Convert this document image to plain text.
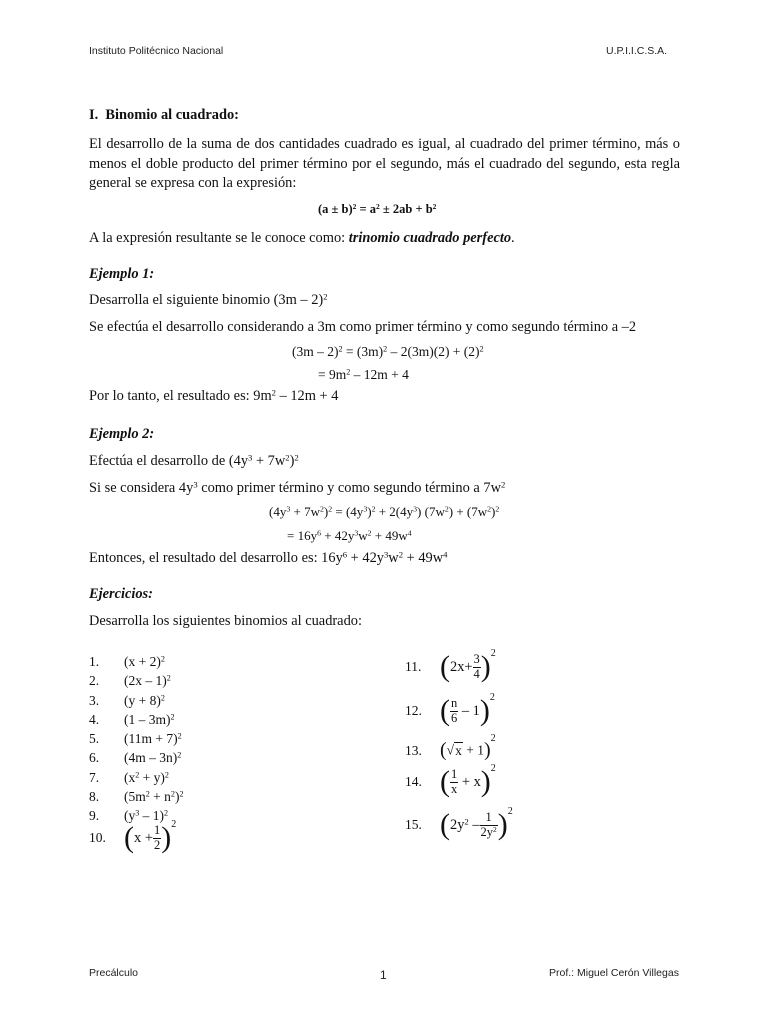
Instituto Politécnico Nacional	U.P.I.I.C.S.A.
I. Binomio al cuadrado:
El desarrollo de la suma de dos cantidades cuadrado es igual, al cuadrado del primer término, más o menos el doble producto del primer término por el segundo, más el cuadrado del segundo, esta regla general se expresa con la expresión:
$(a \pm b)^2 = a^2 \pm 2ab + b^2$
A la expresión resultante se le conoce como: trinomio cuadrado perfecto.
Ejemplo 1:
Desarrolla el siguiente binomio (3m – 2)$^2$
Se efectúa el desarrollo considerando a 3m como primer término y como segundo término a –2
$(3m - 2)^2 = (3m)^2 - 2(3m)(2) + (2)^2$
= $9m^2 - 12m + 4$
Por lo tanto, el resultado es: $9m^2 - 12m + 4$
Ejemplo 2:
Efectúa el desarrollo de $(4y^3 + 7w^2)^2$
Si se considera $4y^3$ como primer término y como segundo término a $7w^2$
$(4y^3 + 7w^2)^2 = (4y^3)^2 + 2(4y^3) (7w^2) + (7w^2)^2$
= $16y^6 + 42y^3w^2 + 49w^4$
Entonces, el resultado del desarrollo es: $16y^6 + 42y^3w^2 + 49w^4$
Ejercicios:
Desarrolla los siguientes binomios al cuadrado:
1. $(x + 2)^2$
2. (2x – 1)$^2$
3. $(y + 8)^2$
4. (1 – 3m)$^2$
5. $(11m + 7)^2$
6. (4m – 3n)$^2$
7. $(x^2 + y)^2$
8. $(5m^2 + n^2)^2$
9. $(y^3 - 1)^2$
10. $(x + \frac{1}{2} )^2$
11. $(2x+ \frac{3}{4} )^2$
12. ( $\frac{n}{6} - 1)^2$
13. $(√x + 1)^2$
14. ( $\frac{1}{x} + x)^2$
15. $(2y^2 - \frac{1}{2y^2} )^2$
Precálculo	1	Prof.: Miguel Cerón Villegas
